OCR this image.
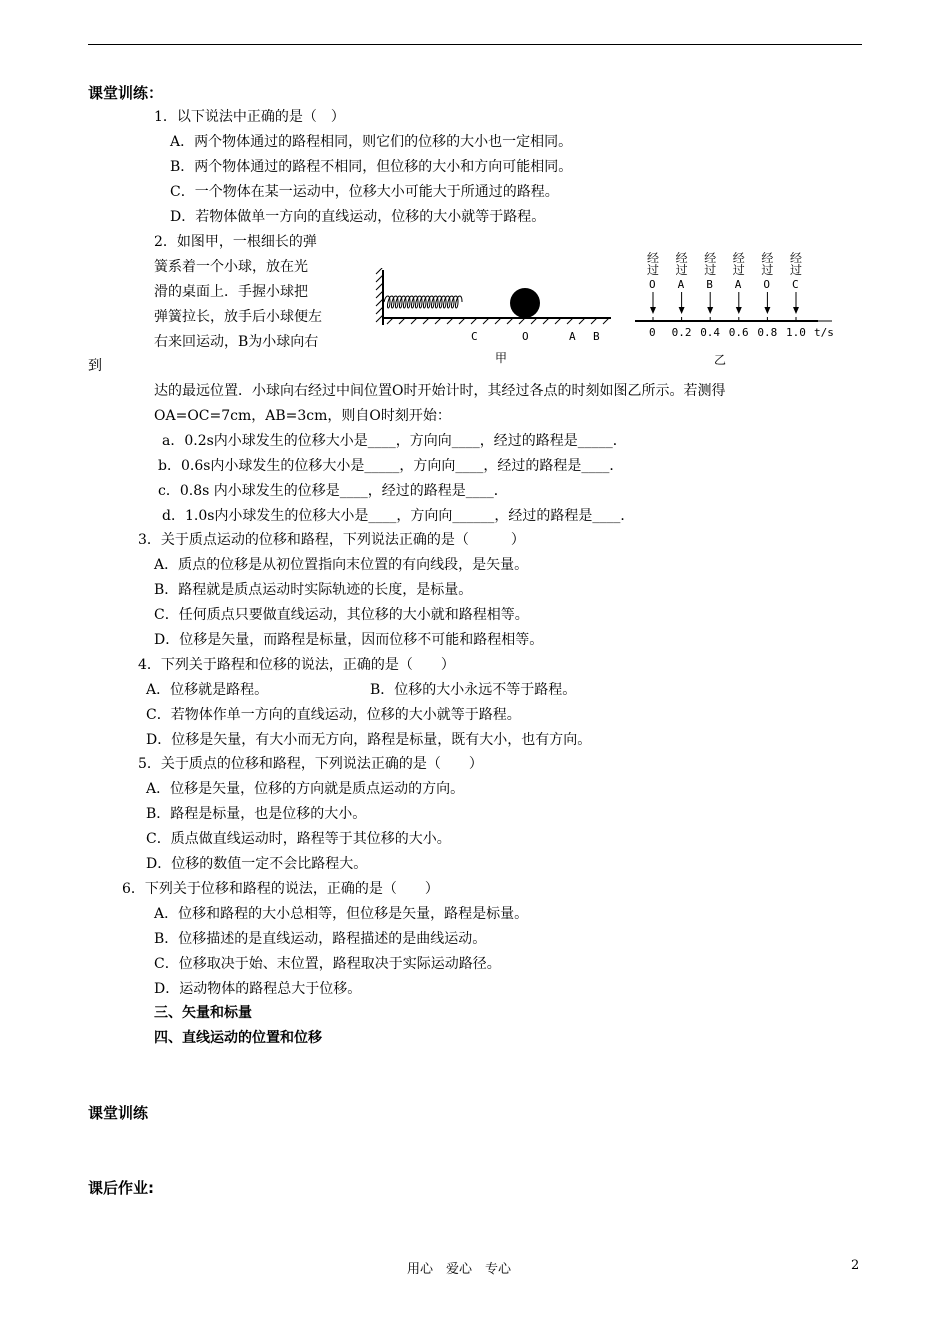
课堂训练：
1．以下说法中正确的是（　）
A．两个物体通过的路程相同，则它们的位移的大小也一定相同。
B．两个物体通过的路程不相同，但位移的大小和方向可能相同。
C．一个物体在某一运动中，位移大小可能大于所通过的路程。
D．若物体做单一方向的直线运动，位移的大小就等于路程。
2．如图甲，一根细长的弹
簧系着一个小球，放在光
滑的桌面上．手握小球把
弹簧拉长，放手后小球便左
右来回运动，B为小球向右
到
C	O	A B
甲
经
过
O
经
过
A
经
过
B
经
过
A
经
过
O
经
过
C
0 0.2 0.4 0.6 0.8 1.0 t/s
乙
达的最远位置．小球向右经过中间位置O时开始计时，其经过各点的时刻如图乙所示。若测得
OA=OC=7cm，AB=3cm，则自O时刻开始：
a．0.2s内小球发生的位移大小是____，方向向____，经过的路程是_____．
b．0.6s内小球发生的位移大小是_____，方向向____，经过的路程是____．
c．0.8s 内小球发生的位移是____，经过的路程是____．
d．1.0s内小球发生的位移大小是____，方向向______，经过的路程是____．
3．关于质点运动的位移和路程，下列说法正确的是（　　　）
A．质点的位移是从初位置指向末位置的有向线段，是矢量。
B．路程就是质点运动时实际轨迹的长度，是标量。
C．任何质点只要做直线运动，其位移的大小就和路程相等。
D．位移是矢量，而路程是标量，因而位移不可能和路程相等。
4．下列关于路程和位移的说法，正确的是（　　）
A．位移就是路程。	B．位移的大小永远不等于路程。
C．若物体作单一方向的直线运动，位移的大小就等于路程。
D．位移是矢量，有大小而无方向，路程是标量，既有大小，也有方向。
5．关于质点的位移和路程，下列说法正确的是（　　）
A．位移是矢量，位移的方向就是质点运动的方向。
B．路程是标量，也是位移的大小。
C．质点做直线运动时，路程等于其位移的大小。
D．位移的数值一定不会比路程大。
6．下列关于位移和路程的说法，正确的是（　　）
A．位移和路程的大小总相等，但位移是矢量，路程是标量。
B．位移描述的是直线运动，路程描述的是曲线运动。
C．位移取决于始、末位置，路程取决于实际运动路径。
D．运动物体的路程总大于位移。
三、矢量和标量
四、直线运动的位置和位移
课堂训练
课后作业:
用心　爱心　专心	2
